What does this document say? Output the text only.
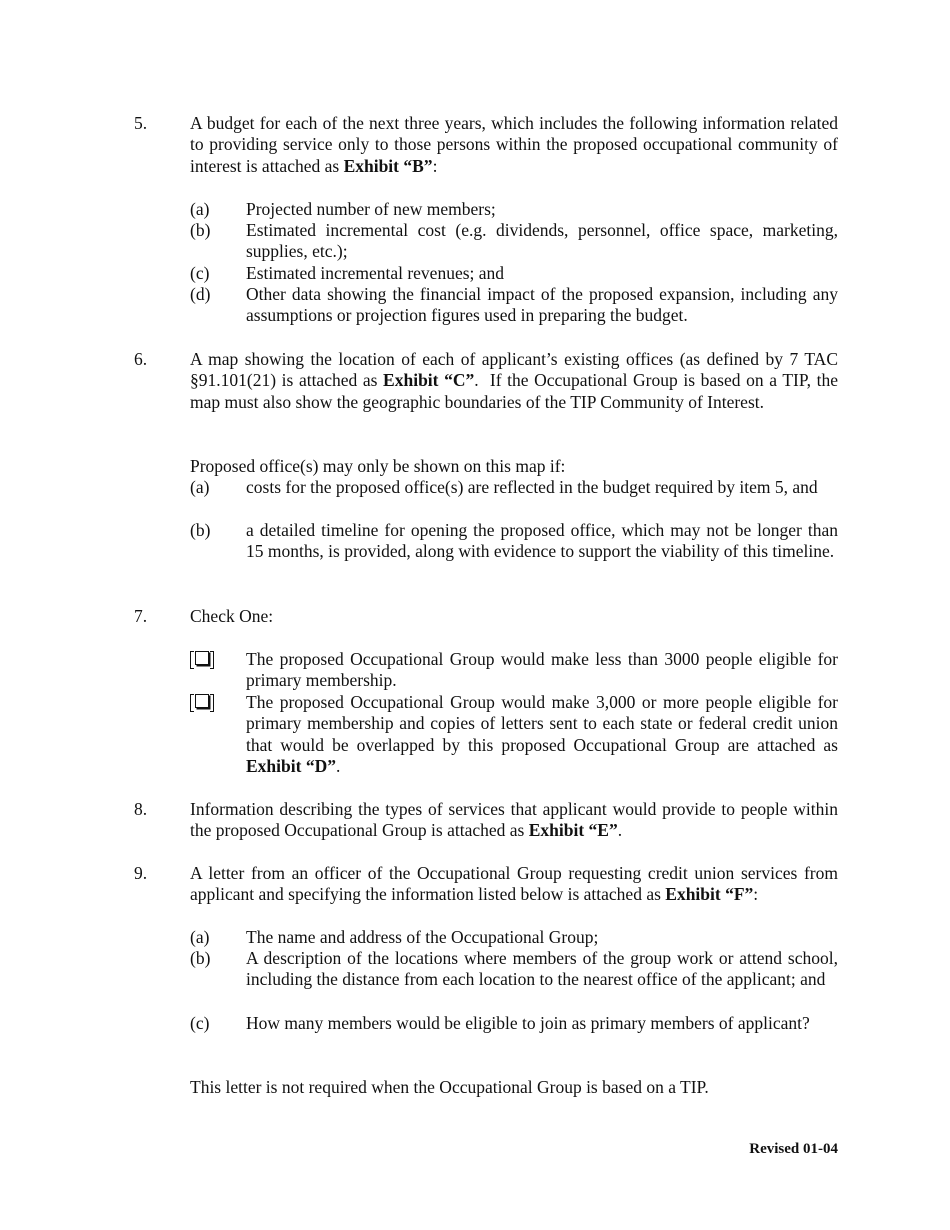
5. A budget for each of the next three years, which includes the following information related to providing service only to those persons within the proposed occupational community of interest is attached as Exhibit “B”:
(a) Projected number of new members;
(b) Estimated incremental cost (e.g. dividends, personnel, office space, marketing, supplies, etc.);
(c) Estimated incremental revenues; and
(d) Other data showing the financial impact of the proposed expansion, including any assumptions or projection figures used in preparing the budget.
6. A map showing the location of each of applicant’s existing offices (as defined by 7 TAC §91.101(21) is attached as Exhibit “C”.  If the Occupational Group is based on a TIP, the map must also show the geographic boundaries of the TIP Community of Interest.
Proposed office(s) may only be shown on this map if:
(a) costs for the proposed office(s) are reflected in the budget required by item 5, and
(b) a detailed timeline for opening the proposed office, which may not be longer than 15 months, is provided, along with evidence to support the viability of this timeline.
7. Check One:
The proposed Occupational Group would make less than 3000 people eligible for primary membership.
The proposed Occupational Group would make 3,000 or more people eligible for primary membership and copies of letters sent to each state or federal credit union that would be overlapped by this proposed Occupational Group are attached as Exhibit “D”.
8. Information describing the types of services that applicant would provide to people within the proposed Occupational Group is attached as Exhibit “E”.
9. A letter from an officer of the Occupational Group requesting credit union services from applicant and specifying the information listed below is attached as Exhibit “F”:
(a) The name and address of the Occupational Group;
(b) A description of the locations where members of the group work or attend school, including the distance from each location to the nearest office of the applicant; and
(c) How many members would be eligible to join as primary members of applicant?
This letter is not required when the Occupational Group is based on a TIP.
Revised 01-04
